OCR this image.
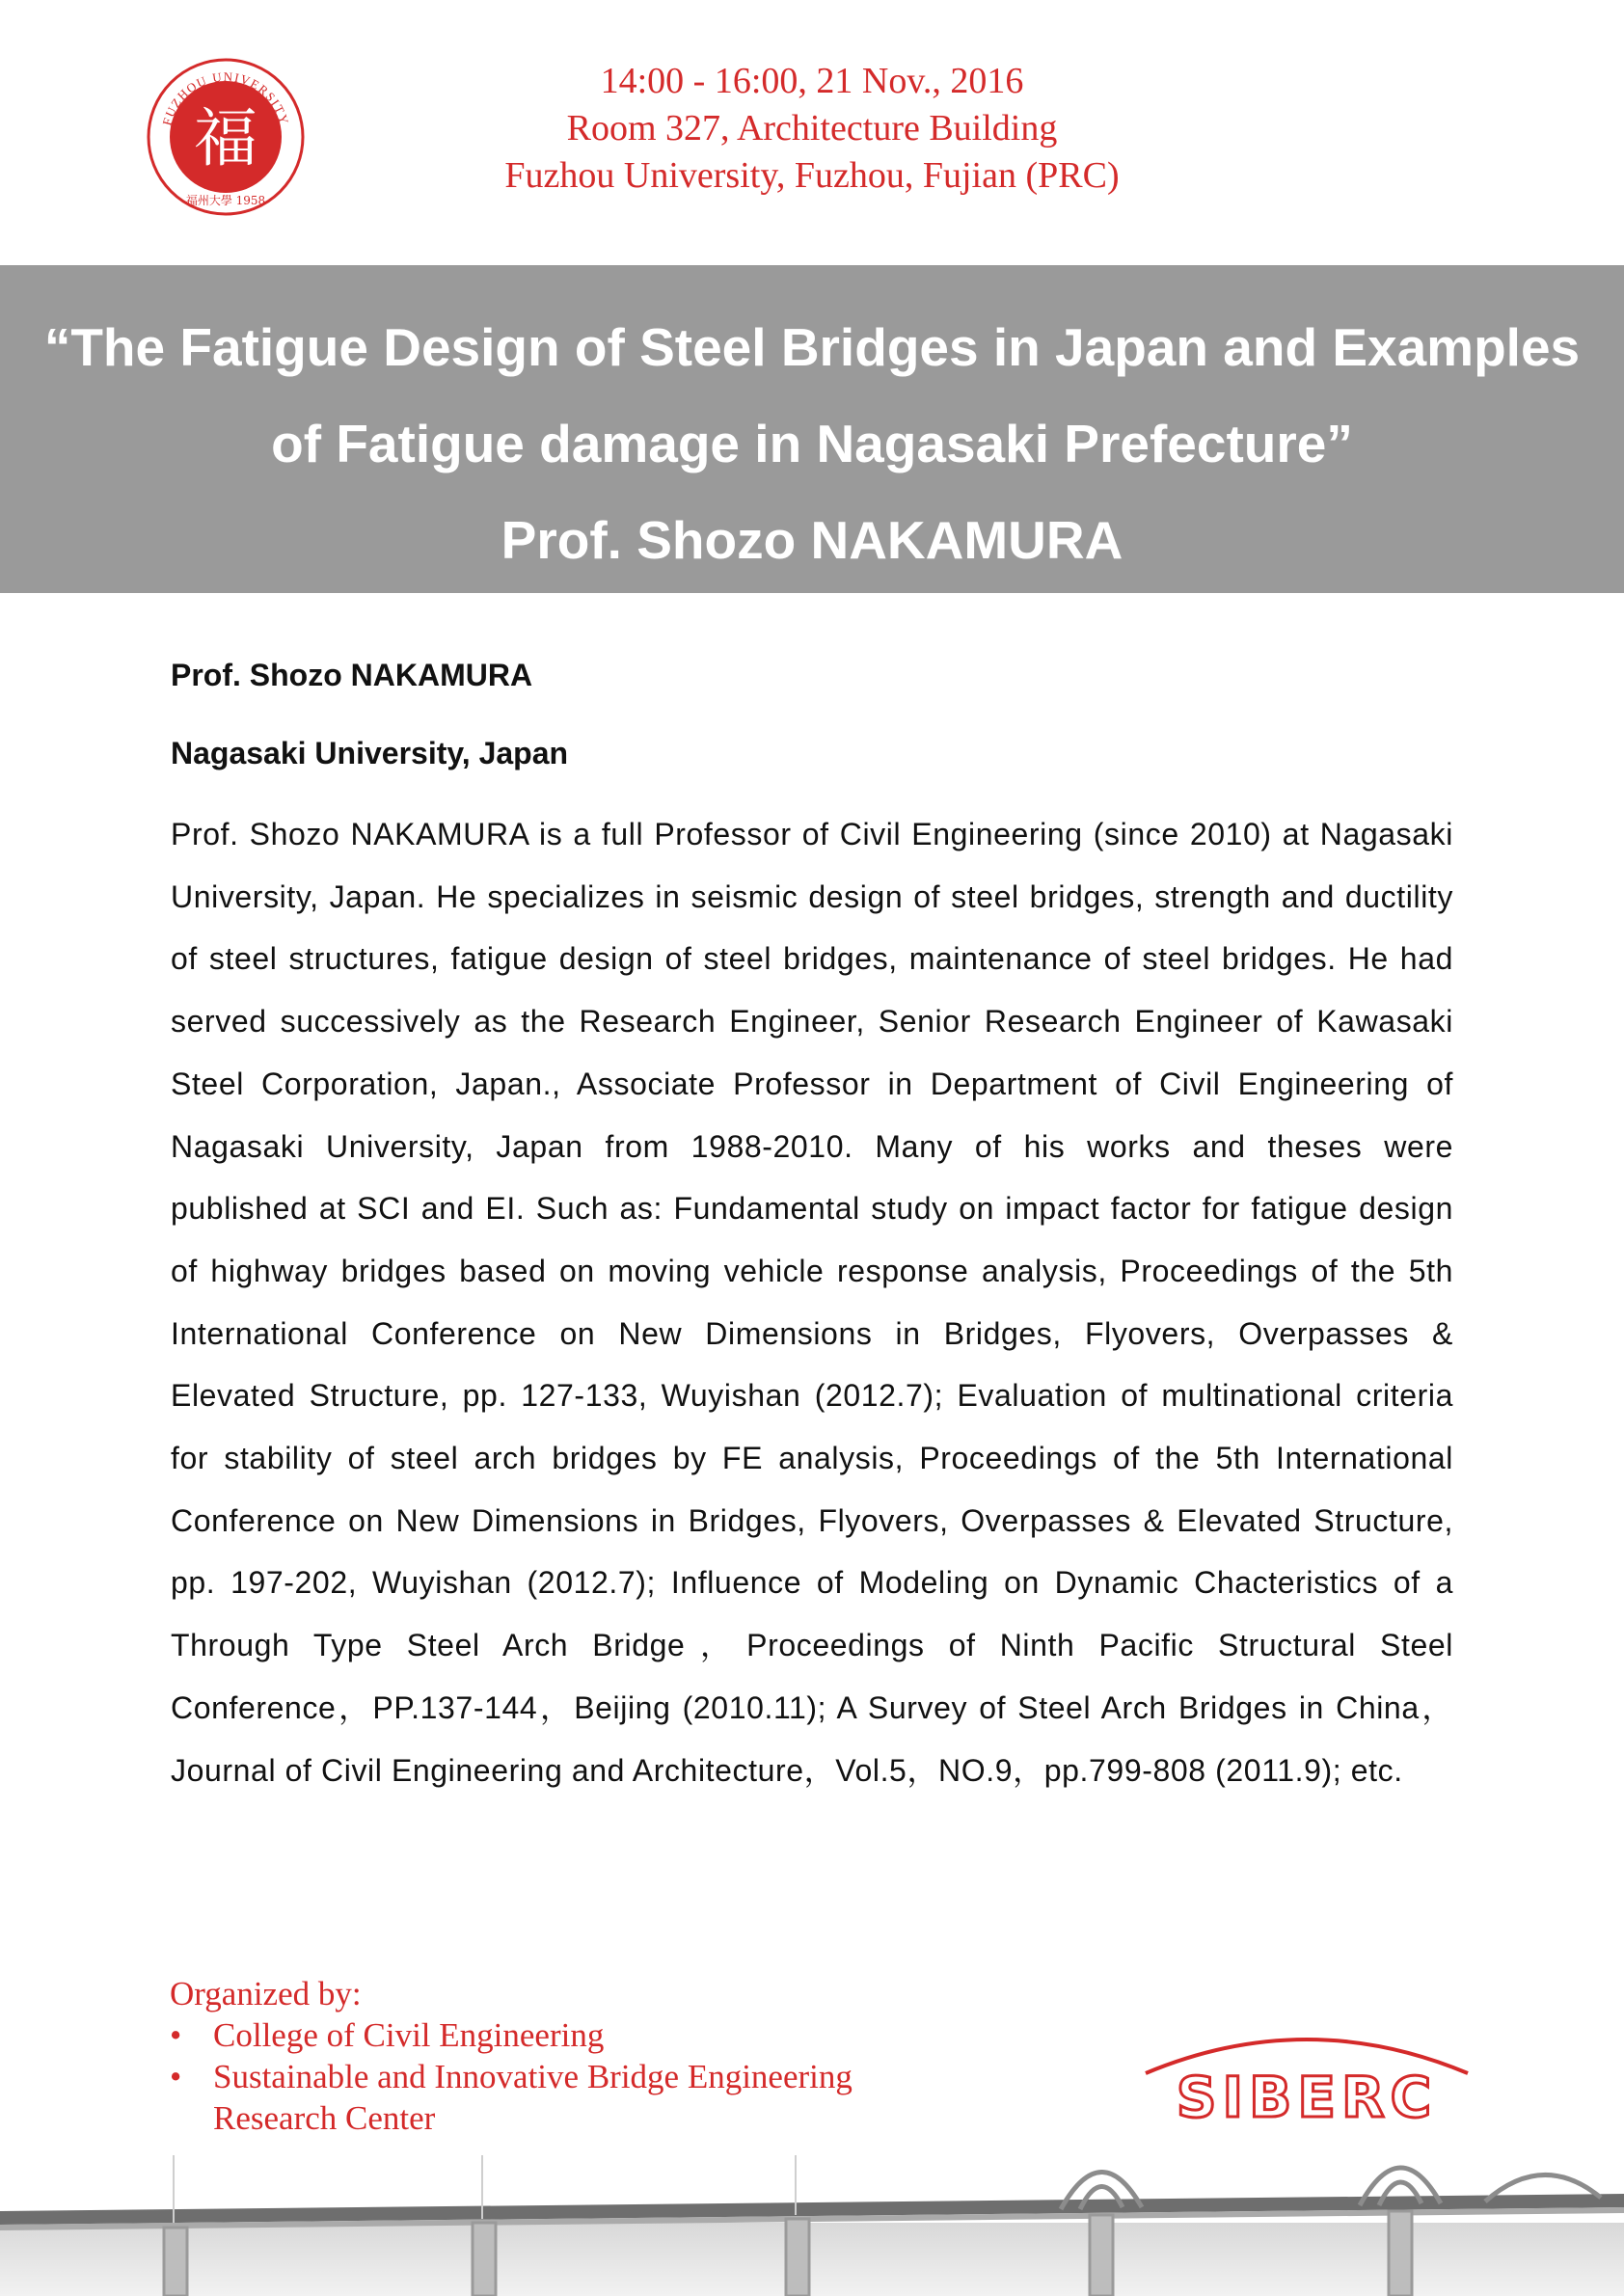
FUZHOU UNIVERSITY
福
福州大學 1958
14:00 - 16:00, 21 Nov., 2016
Room 327, Architecture Building
Fuzhou University, Fuzhou, Fujian (PRC)
“The Fatigue Design of Steel Bridges in Japan and Examples
of Fatigue damage in Nagasaki Prefecture”
Prof. Shozo NAKAMURA
Prof. Shozo NAKAMURA
Nagasaki University, Japan
Prof. Shozo NAKAMURA is a full Professor of Civil Engineering (since 2010) at Nagasaki University, Japan. He specializes in seismic design of steel bridges, strength and ductility of steel structures, fatigue design of steel bridges, maintenance of steel bridges. He had served successively as the Research Engineer, Senior Research Engineer of Kawasaki Steel Corporation, Japan., Associate Professor in Department of Civil Engineering of Nagasaki University, Japan from 1988-2010. Many of his works and theses were published at SCI and EI. Such as: Fundamental study on impact factor for fatigue design of highway bridges based on moving vehicle response analysis, Proceedings of the 5th International Conference on New Dimensions in Bridges, Flyovers, Overpasses & Elevated Structure, pp. 127-133, Wuyishan (2012.7); Evaluation of multinational criteria for stability of steel arch bridges by FE analysis, Proceedings of the 5th International Conference on New Dimensions in Bridges, Flyovers, Overpasses & Elevated Structure, pp. 197-202, Wuyishan (2012.7); Influence of Modeling on Dynamic Chacteristics of a Through Type Steel Arch Bridge，Proceedings of Ninth Pacific Structural Steel Conference，PP.137-144，Beijing (2010.11); A Survey of Steel Arch Bridges in China，Journal of Civil Engineering and Architecture，Vol.5，NO.9，pp.799-808 (2011.9); etc.
Organized by:
• College of Civil Engineering
• Sustainable and Innovative Bridge Engineering Research Center	SIBERC
